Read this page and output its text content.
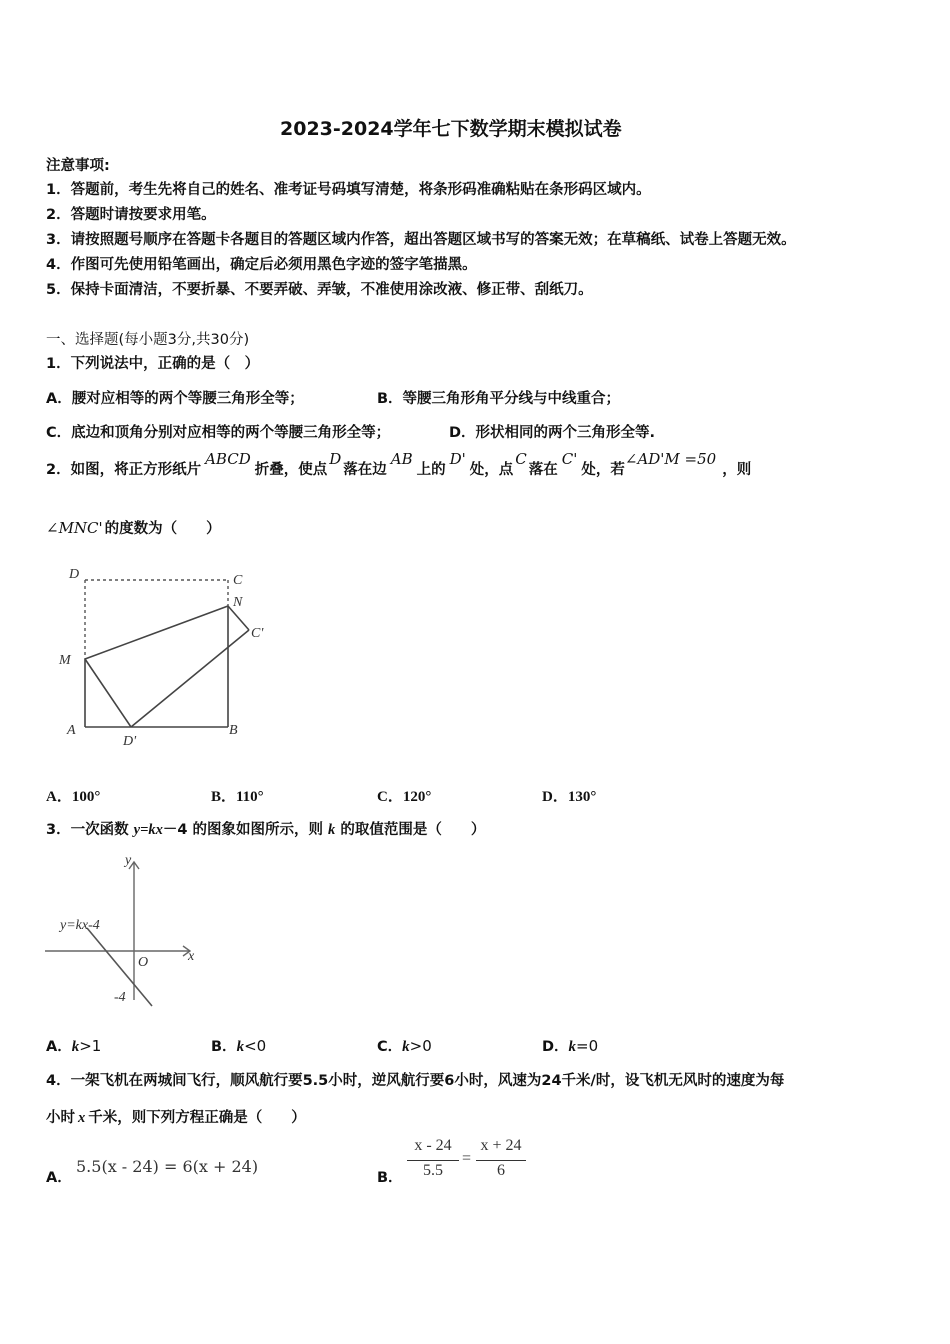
2023-2024学年七下数学期末模拟试卷
注意事项:
1．答题前，考生先将自己的姓名、准考证号码填写清楚，将条形码准确粘贴在条形码区域内。
2．答题时请按要求用笔。
3．请按照题号顺序在答题卡各题目的答题区域内作答，超出答题区域书写的答案无效；在草稿纸、试卷上答题无效。
4．作图可先使用铅笔画出，确定后必须用黑色字迹的签字笔描黑。
5．保持卡面清洁，不要折暴、不要弄破、弄皱，不准使用涂改液、修正带、刮纸刀。
一、选择题(每小题3分,共30分)
1．下列说法中，正确的是（　）
A．腰对应相等的两个等腰三角形全等；	B．等腰三角形角平分线与中线重合；
C．底边和顶角分别对应相等的两个等腰三角形全等；	D．形状相同的两个三角形全等.
2．如图，将正方形纸片ABCD折叠，使点D落在边AB上的D'处，点C落在C'处，若∠AD'M =50，则
∠MNC' 的度数为（　　）
D	C
N
C'
M
A
D'
B
A．100°	B．110°	C．120°	D．130°
3．一次函数 y=kx－4 的图象如图所示，则 k 的取值范围是（　　）
y
x
O
y=kx-4
-4
A．k>1	B．k<0	C．k>0	D．k=0
4．一架飞机在两城间飞行，顺风航行要5.5小时，逆风航行要6小时，风速为24千米/时，设飞机无风时的速度为每
小时 x 千米，则下列方程正确是（　　）
A．
5.5(x - 24) = 6(x + 24)
B．
x - 24
5.5
=
x + 24
6
